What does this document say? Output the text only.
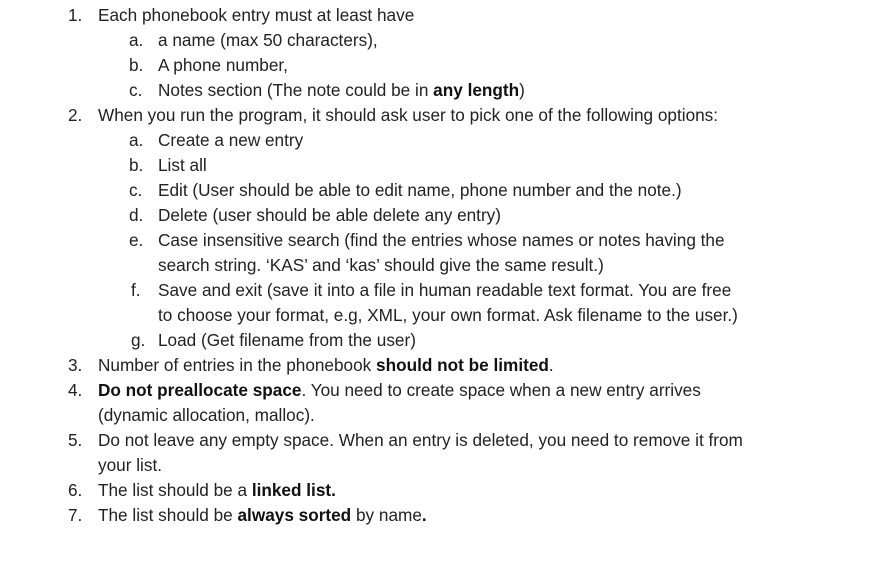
1. Each phonebook entry must at least have
a. a name (max 50 characters),
b. A phone number,
c. Notes section (The note could be in any length)
2. When you run the program, it should ask user to pick one of the following options:
a. Create a new entry
b. List all
c. Edit (User should be able to edit name, phone number and the note.)
d. Delete (user should be able delete any entry)
e. Case insensitive search (find the entries whose names or notes having the
search string. ‘KAS’ and ‘kas’ should give the same result.)
f. Save and exit (save it into a file in human readable text format. You are free
to choose your format, e.g, XML, your own format. Ask filename to the user.)
g. Load (Get filename from the user)
3. Number of entries in the phonebook should not be limited.
4. Do not preallocate space. You need to create space when a new entry arrives
(dynamic allocation, malloc).
5. Do not leave any empty space. When an entry is deleted, you need to remove it from
your list.
6. The list should be a linked list.
7. The list should be always sorted by name.
